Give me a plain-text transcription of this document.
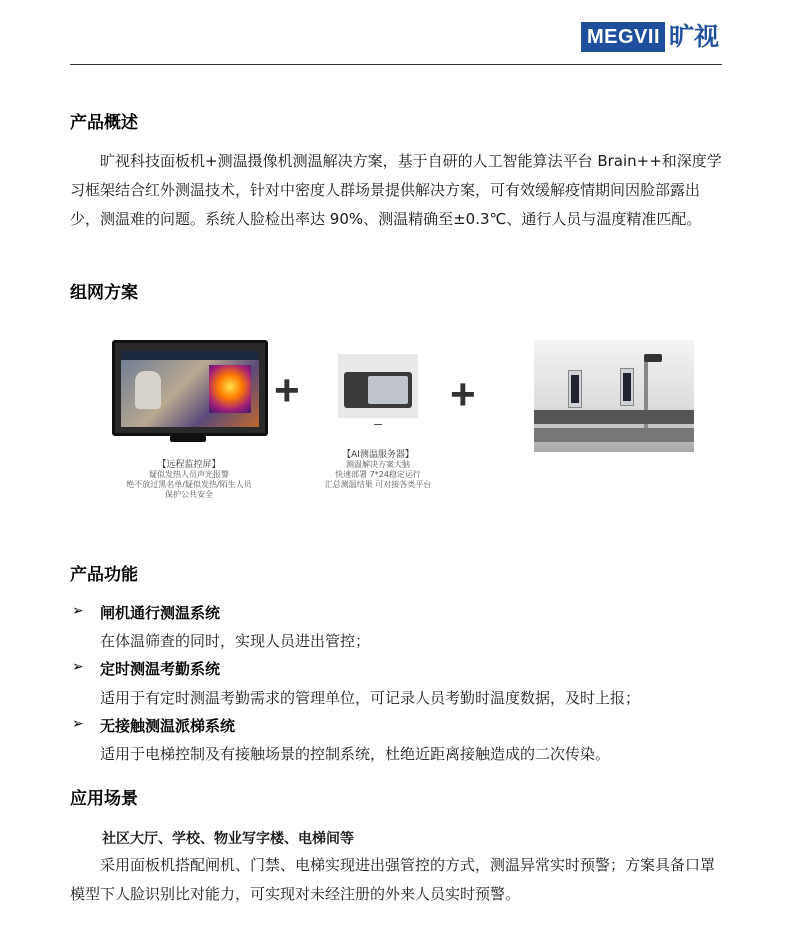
MEGVII 旷视
产品概述

旷视科技面板机+测温摄像机测温解决方案，基于自研的人工智能算法平台 Brain++和深度学习框架结合红外测温技术，针对中密度人群场景提供解决方案，可有效缓解疫情期间因脸部露出少，测温难的问题。系统人脸检出率达 90%、测温精确至±0.3℃、通行人员与温度精准匹配。

组网方案
+	+
【远程监控屏】
疑似发热人员声光报警
绝不放过黑名单/疑似发热/陌生人员
保护公共安全
【AI测温服务器】
测温解决方案大脑
快速部署 7*24稳定运行
汇总测温结果 可对接各类平台
产品功能
➢ 闸机通行测温系统

在体温筛查的同时，实现人员进出管控；

➢ 定时测温考勤系统

适用于有定时测温考勤需求的管理单位，可记录人员考勤时温度数据，及时上报；

➢ 无接触测温派梯系统

适用于电梯控制及有接触场景的控制系统，杜绝近距离接触造成的二次传染。

应用场景

社区大厅、学校、物业写字楼、电梯间等

采用面板机搭配闸机、门禁、电梯实现进出强管控的方式，测温异常实时预警；方案具备口罩模型下人脸识别比对能力，可实现对未经注册的外来人员实时预警。
